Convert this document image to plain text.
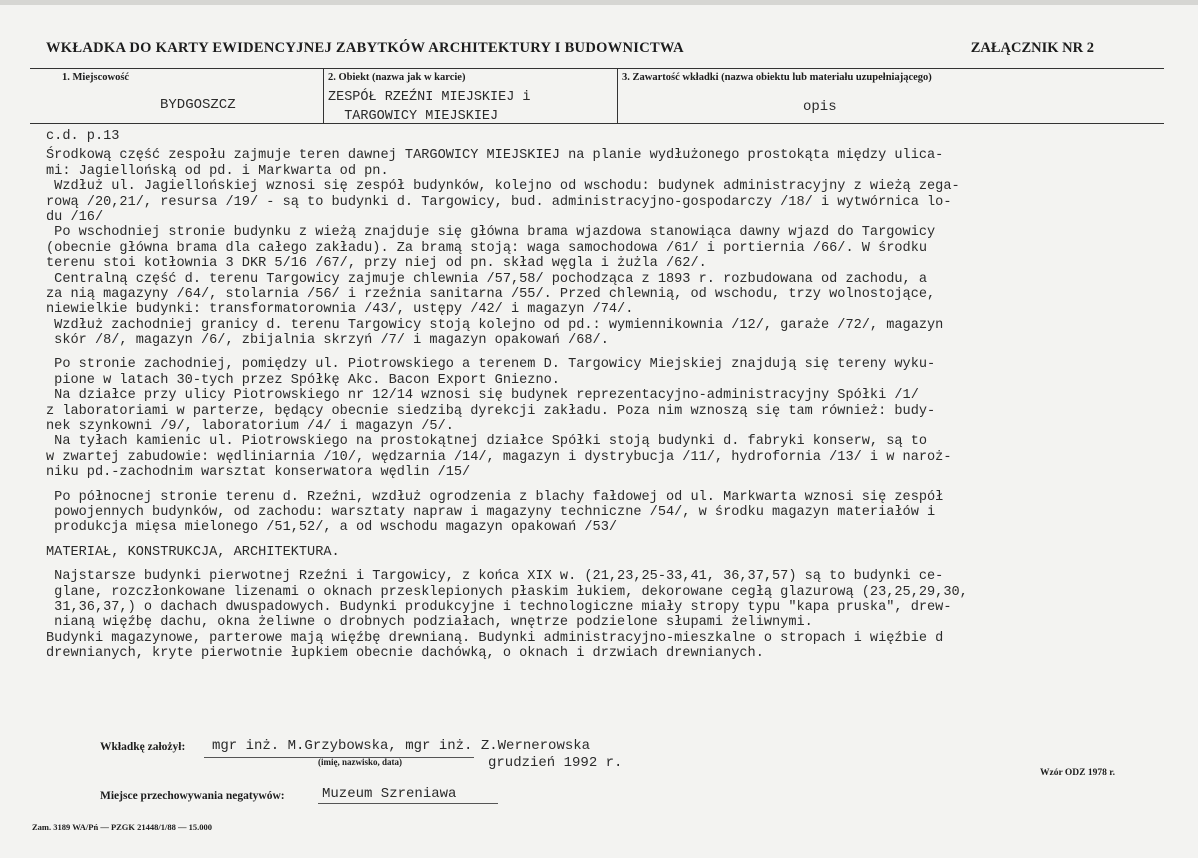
WKŁADKA DO KARTY EWIDENCYJNEJ ZABYTKÓW ARCHITEKTURY I BUDOWNICTWA	ZAŁĄCZNIK NR 2
1. Miejscowość
BYDGOSZCZ
2. Obiekt (nazwa jak w karcie)
ZESPÓŁ RZEŹNI MIEJSKIEJ i
TARGOWICY MIEJSKIEJ
3. Zawartość wkładki (nazwa obiektu lub materiału uzupełniającego)
opis
c.d. p.13
Środkową część zespołu zajmuje teren dawnej TARGOWICY MIEJSKIEJ na planie wydłużonego prostokąta między ulica-
mi: Jagiellońską od pd. i Markwarta od pn.
Wzdłuż ul. Jagiellońskiej wznosi się zespół budynków, kolejno od wschodu: budynek administracyjny z wieżą zega-
rową /20,21/, resursa /19/ - są to budynki d. Targowicy, bud. administracyjno-gospodarczy /18/ i wytwórnica lo-
du /16/
Po wschodniej stronie budynku z wieżą znajduje się główna brama wjazdowa stanowiąca dawny wjazd do Targowicy
(obecnie główna brama dla całego zakładu). Za bramą stoją: waga samochodowa /61/ i portiernia /66/. W środku
terenu stoi kotłownia 3 DKR 5/16 /67/, przy niej od pn. skład węgla i żużla /62/.
Centralną część d. terenu Targowicy zajmuje chlewnia /57,58/ pochodząca z 1893 r. rozbudowana od zachodu, a
za nią magazyny /64/, stolarnia /56/ i rzeźnia sanitarna /55/. Przed chlewnią, od wschodu, trzy wolnostojące,
niewielkie budynki: transformatorownia /43/, ustępy /42/ i magazyn /74/.
Wzdłuż zachodniej granicy d. terenu Targowicy stoją kolejno od pd.: wymiennikownia /12/, garaże /72/, magazyn
skór /8/, magazyn /6/, zbijalnia skrzyń /7/ i magazyn opakowań /68/.
Po stronie zachodniej, pomiędzy ul. Piotrowskiego a terenem D. Targowicy Miejskiej znajdują się tereny wyku-
pione w latach 30-tych przez Spółkę Akc. Bacon Export Gniezno.
Na działce przy ulicy Piotrowskiego nr 12/14 wznosi się budynek reprezentacyjno-administracyjny Spółki /1/
z laboratoriami w parterze, będący obecnie siedzibą dyrekcji zakładu. Poza nim wznoszą się tam również: budy-
nek szynkowni /9/, laboratorium /4/ i magazyn /5/.
Na tyłach kamienic ul. Piotrowskiego na prostokątnej działce Spółki stoją budynki d. fabryki konserw, są to
w zwartej zabudowie: wędliniarnia /10/, wędzarnia /14/, magazyn i dystrybucja /11/, hydrofornia /13/ i w naroż-
niku pd.-zachodnim warsztat konserwatora wędlin /15/
Po północnej stronie terenu d. Rzeźni, wzdłuż ogrodzenia z blachy fałdowej od ul. Markwarta wznosi się zespół
powojennych budynków, od zachodu: warsztaty napraw i magazyny techniczne /54/, w środku magazyn materiałów i
produkcja mięsa mielonego /51,52/, a od wschodu magazyn opakowań /53/
MATERIAŁ, KONSTRUKCJA, ARCHITEKTURA.
Najstarsze budynki pierwotnej Rzeźni i Targowicy, z końca XIX w. (21,23,25-33,41, 36,37,57) są to budynki ce-
glane, rozczłonkowane lizenami o oknach przesklepionych płaskim łukiem, dekorowane cegłą glazurową (23,25,29,30,
31,36,37,) o dachach dwuspadowych. Budynki produkcyjne i technologiczne miały stropy typu "kapa pruska", drew-
nianą więźbę dachu, okna żeliwne o drobnych podziałach, wnętrze podzielone słupami żeliwnymi.
Budynki magazynowe, parterowe mają więźbę drewnianą. Budynki administracyjno-mieszkalne o stropach i więźbie d
drewnianych, kryte pierwotnie łupkiem obecnie dachówką, o oknach i drzwiach drewnianych.
Wkładkę założył: mgr inż. M.Grzybowska, mgr inż. Z.Wernerowska
(imię, nazwisko, data)	grudzień 1992 r.
Wzór ODZ 1978 r.
Miejsce przechowywania negatywów:	Muzeum Szreniawa
Zam. 3189 WA/Pń — PZGK 21448/1/88 — 15.000
